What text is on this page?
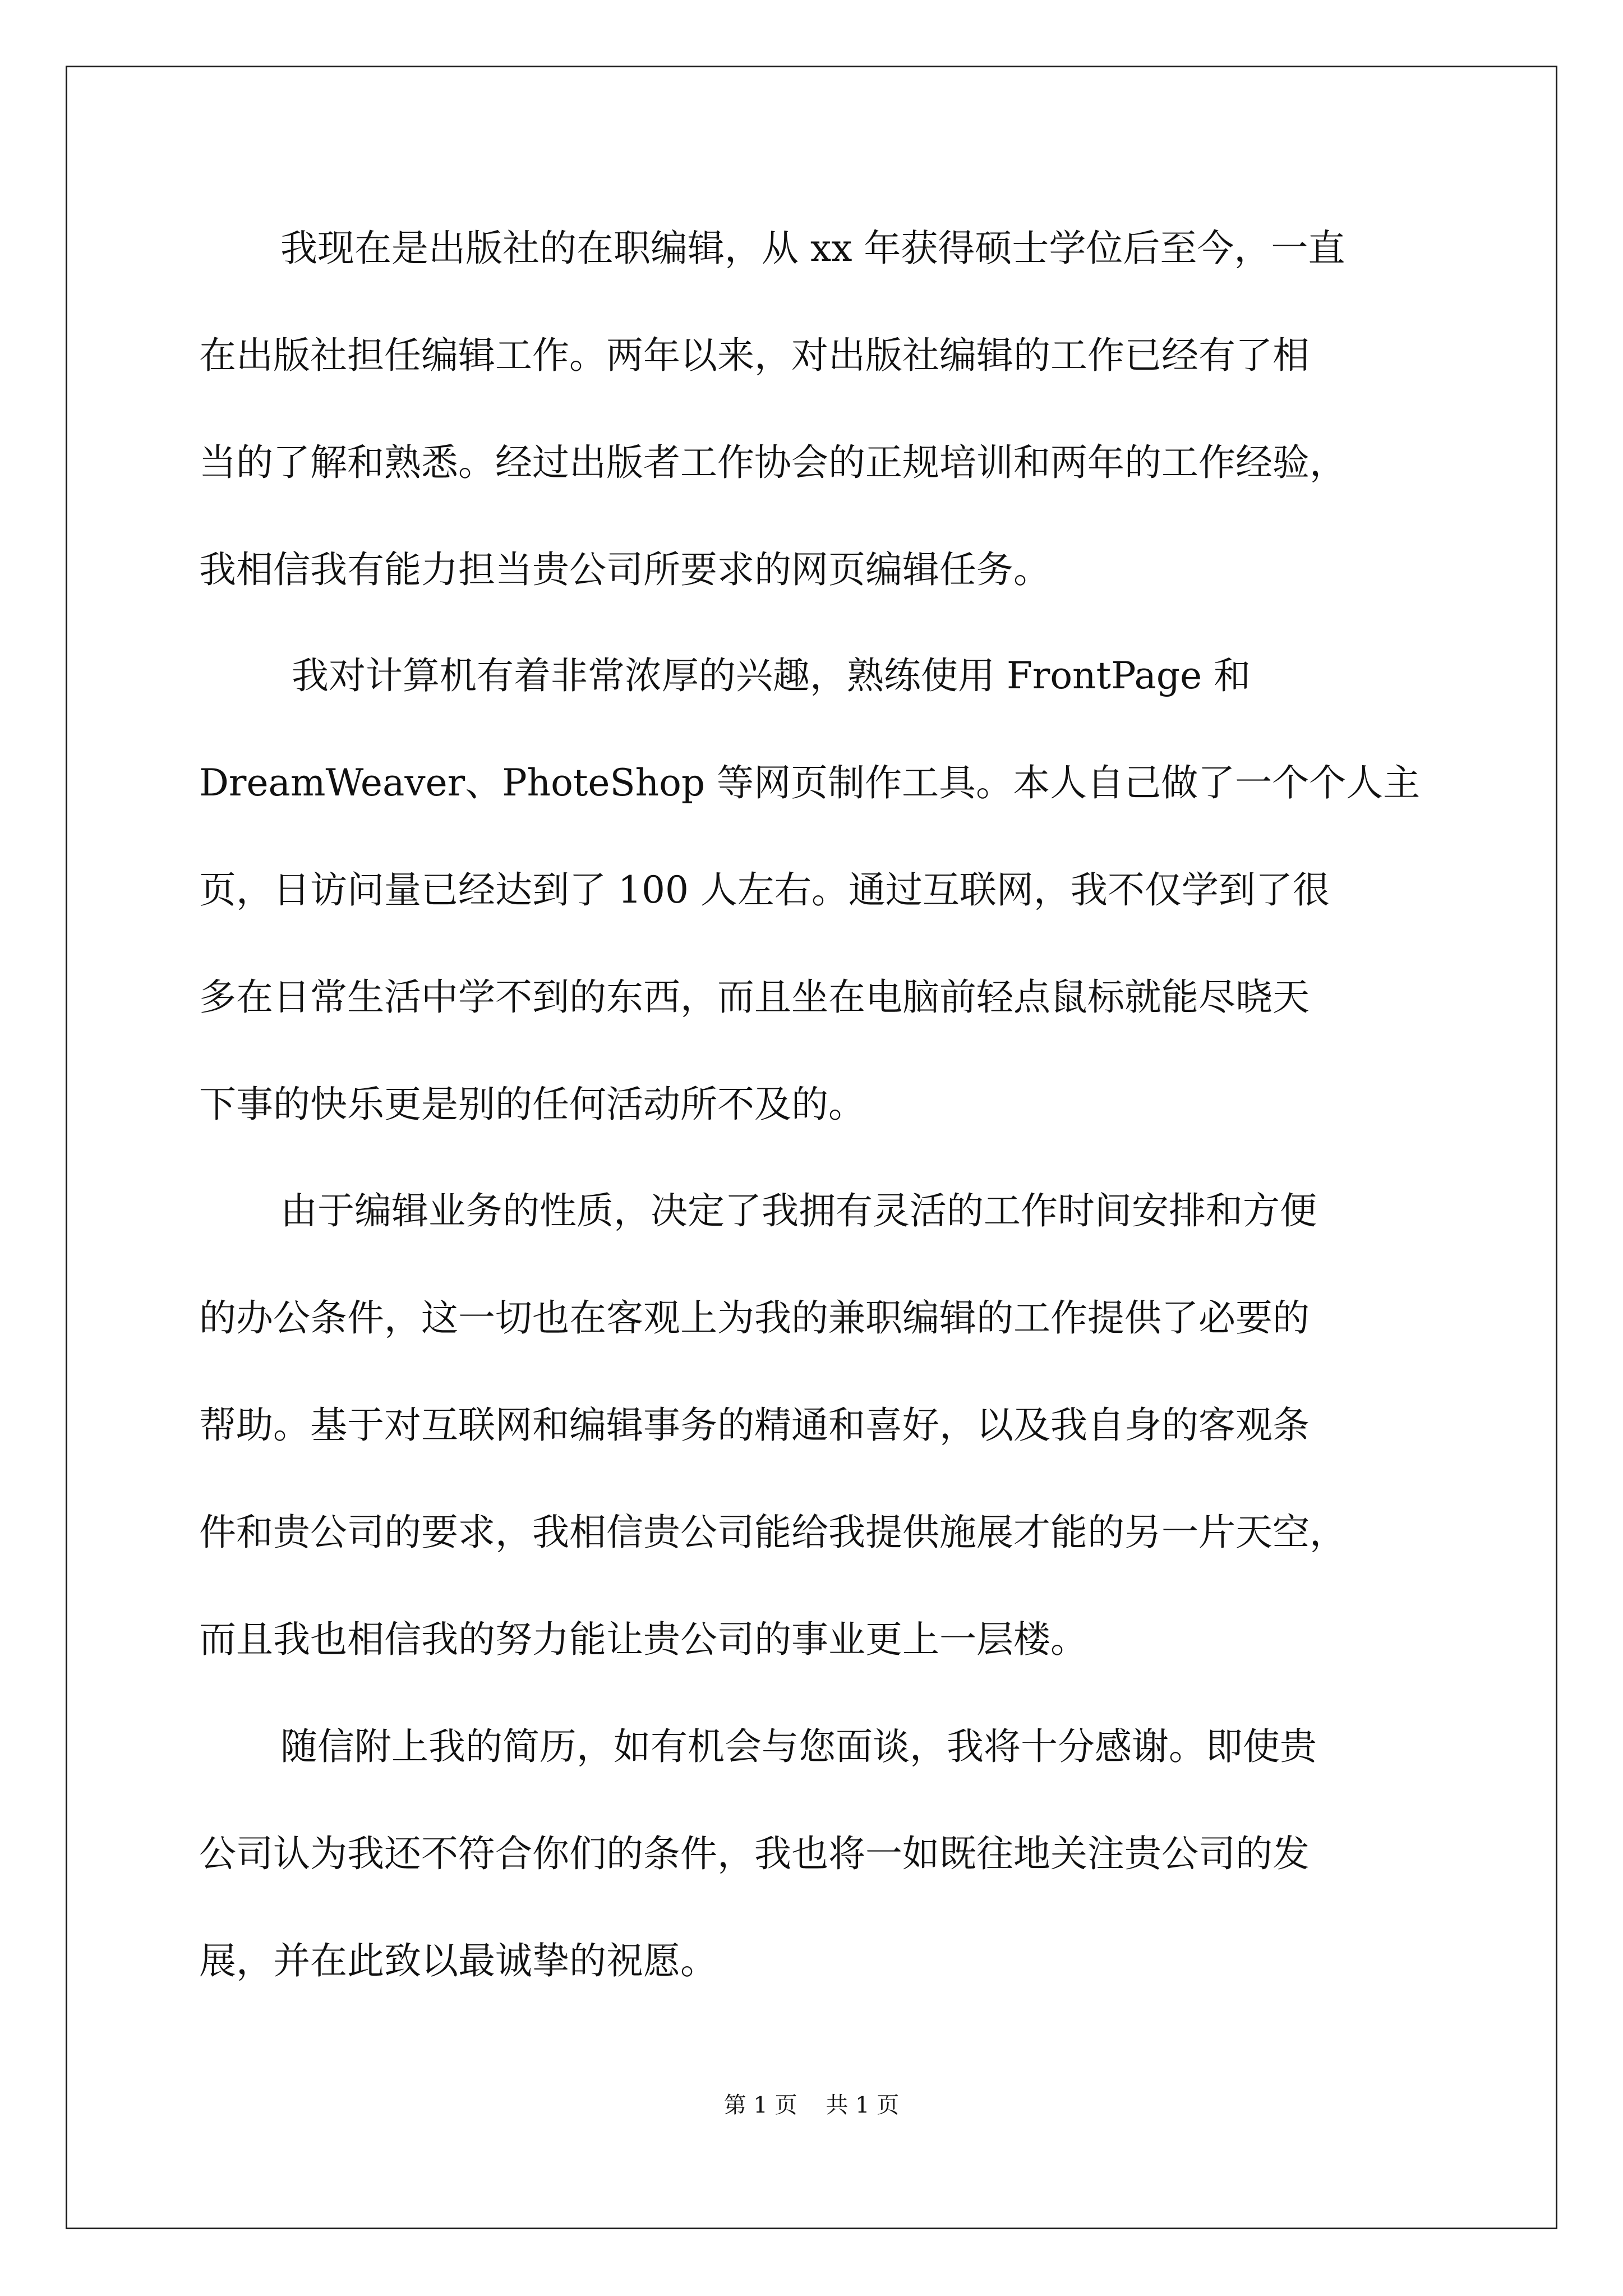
我现在是出版社的在职编辑，从 xx 年获得硕士学位后至今，一直
在出版社担任编辑工作。两年以来，对出版社编辑的工作已经有了相
当的了解和熟悉。经过出版者工作协会的正规培训和两年的工作经验，
我相信我有能力担当贵公司所要求的网页编辑任务。
我对计算机有着非常浓厚的兴趣，熟练使用 FrontPage 和
DreamWeaver、PhoteShop 等网页制作工具。本人自己做了一个个人主
页，日访问量已经达到了 100 人左右。通过互联网，我不仅学到了很
多在日常生活中学不到的东西，而且坐在电脑前轻点鼠标就能尽晓天
下事的快乐更是别的任何活动所不及的。
由于编辑业务的性质，决定了我拥有灵活的工作时间安排和方便
的办公条件，这一切也在客观上为我的兼职编辑的工作提供了必要的
帮助。基于对互联网和编辑事务的精通和喜好，以及我自身的客观条
件和贵公司的要求，我相信贵公司能给我提供施展才能的另一片天空，
而且我也相信我的努力能让贵公司的事业更上一层楼。
随信附上我的简历，如有机会与您面谈，我将十分感谢。即使贵
公司认为我还不符合你们的条件，我也将一如既往地关注贵公司的发
展，并在此致以最诚挚的祝愿。
第 1 页    共 1 页
